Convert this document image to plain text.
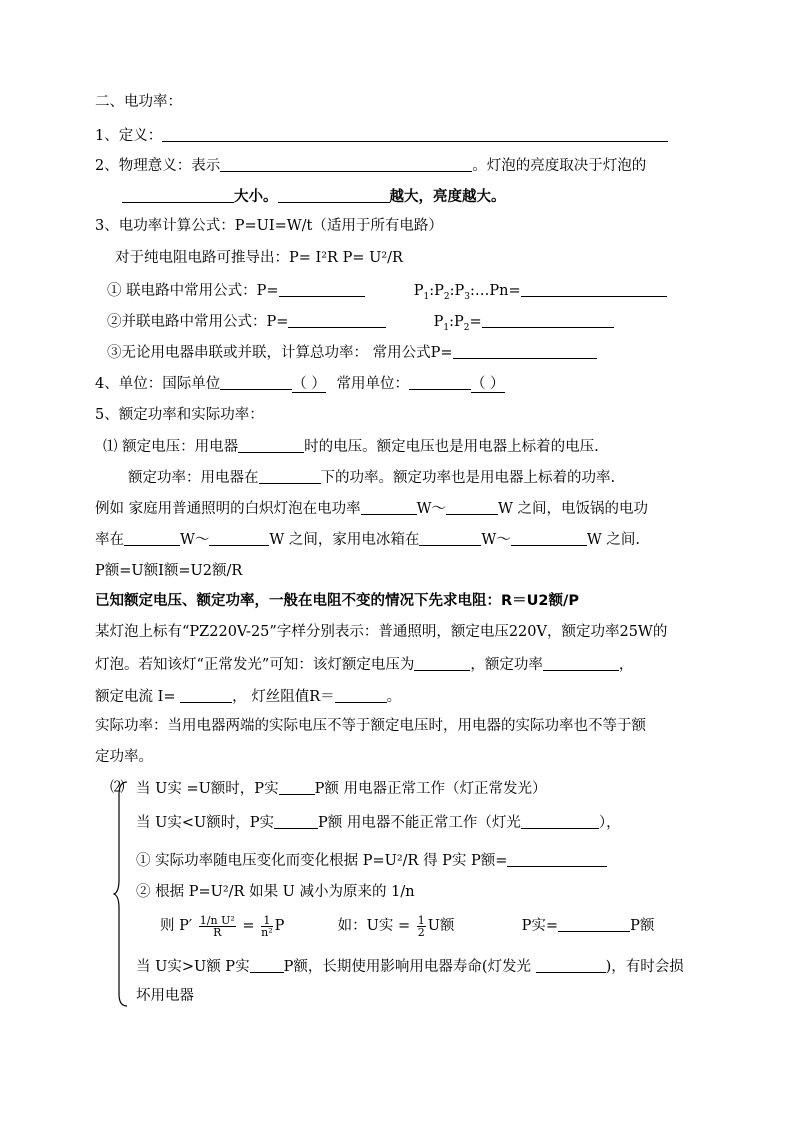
二、电功率：
1、定义：
2、物理意义：表示	。灯泡的亮度取决于灯泡的
大小。	越大，亮度越大。
3、电功率计算公式：P=UI=W/t（适用于所有电路）
对于纯电阻电路可推导出：P= I²R P= U²/R
① 联电路中常用公式：P=	$P_1:P_2:P_3:\dots Pn=$
②并联电路中常用公式：P=	$P_1:P_2=$
③无论用电器串联或并联，计算总功率： 常用公式P=
4、单位：国际单位	（ ） 常用单位：	（ ）
5、额定功率和实际功率：
⑴ 额定电压：用电器	时的电压。额定电压也是用电器上标着的电压.
额定功率：用电器在	下的功率。额定功率也是用电器上标着的功率.
例如 家庭用普通照明的白炽灯泡在电功率	W～	W 之间，电饭锅的电功
率在	W～	W 之间，家用电冰箱在	W～	W 之间.
P额=U额I额=U2额/R
已知额定电压、额定功率，一般在电阻不变的情况下先求电阻：R＝U2额/P
某灯泡上标有“PZ220V-25”字样分别表示：普通照明，额定电压220V，额定功率25W的
灯泡。若知该灯“正常发光”可知：该灯额定电压为	，额定功率	，
额定电流 I=	， 灯丝阻值R＝	。
实际功率：当用电器两端的实际电压不等于额定电压时，用电器的实际功率也不等于额
定功率。
⑵ 当 U实 =U额时，P实 P额 用电器正常工作（灯正常发光）
当 U实<U额时，P实	P额 用电器不能正常工作（灯光	），
① 实际功率随电压变化而变化根据 P=U²/R 得 P实 P额=
② 根据 P=U²/R 如果 U 减小为原来的 1/n
则 $P' \frac{\text{1/n U²}}{R} = \frac{1}{\text{n²}}$ P	如：U实 = $\frac{1}{2}$ U额	P实=	P额
当 U实>U额 P实 P额，长期使用影响用电器寿命(灯发光	)，有时会损
坏用电器
